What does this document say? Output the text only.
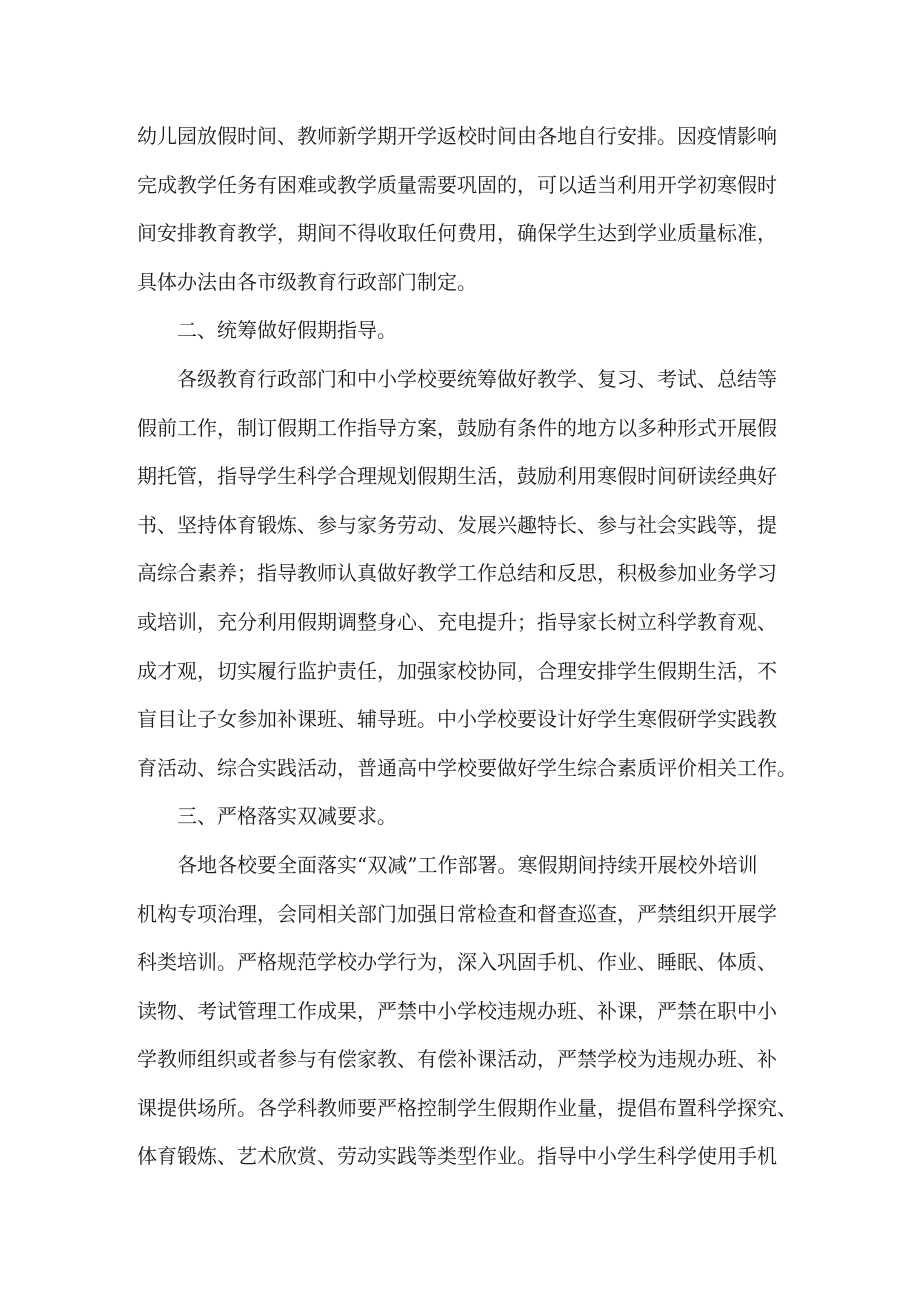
幼儿园放假时间、教师新学期开学返校时间由各地自行安排。因疫情影响
完成教学任务有困难或教学质量需要巩固的，可以适当利用开学初寒假时
间安排教育教学，期间不得收取任何费用，确保学生达到学业质量标准，
具体办法由各市级教育行政部门制定。
二、统筹做好假期指导。
各级教育行政部门和中小学校要统筹做好教学、复习、考试、总结等
假前工作，制订假期工作指导方案，鼓励有条件的地方以多种形式开展假
期托管，指导学生科学合理规划假期生活，鼓励利用寒假时间研读经典好
书、坚持体育锻炼、参与家务劳动、发展兴趣特长、参与社会实践等，提
高综合素养；指导教师认真做好教学工作总结和反思，积极参加业务学习
或培训，充分利用假期调整身心、充电提升；指导家长树立科学教育观、
成才观，切实履行监护责任，加强家校协同，合理安排学生假期生活，不
盲目让子女参加补课班、辅导班。中小学校要设计好学生寒假研学实践教
育活动、综合实践活动，普通高中学校要做好学生综合素质评价相关工作。
三、严格落实双减要求。
各地各校要全面落实“双减”工作部署。寒假期间持续开展校外培训
机构专项治理，会同相关部门加强日常检查和督查巡查，严禁组织开展学
科类培训。严格规范学校办学行为，深入巩固手机、作业、睡眠、体质、
读物、考试管理工作成果，严禁中小学校违规办班、补课，严禁在职中小
学教师组织或者参与有偿家教、有偿补课活动，严禁学校为违规办班、补
课提供场所。各学科教师要严格控制学生假期作业量，提倡布置科学探究、
体育锻炼、艺术欣赏、劳动实践等类型作业。指导中小学生科学使用手机
